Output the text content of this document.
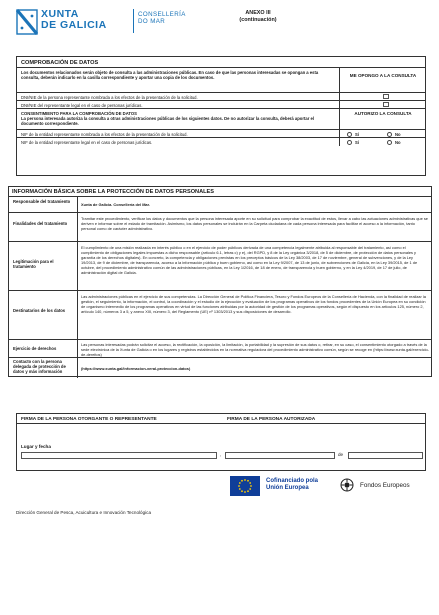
XUNTA
DE GALICIA
CONSELLERÍA
DO MAR
ANEXO III
(continuación)
COMPROBACIÓN DE DATOS
Los documentos relacionados serán objeto de consulta a las administraciones públicas. En caso de que las personas interesadas se opongan a esta consulta, deberán indicarlo en la casilla correspondiente y aportar una copia de los documentos.	ME OPONGO A LA CONSULTA
DNI/NIE de la persona representante nombrada a los efectos de la presentación de la solicitud.
DNI/NIE del representante legal en el caso de personas jurídicas.
CONSENTIMIENTO PARA LA COMPROBACIÓN DE DATOS
La persona interesada autoriza la consulta a otras administraciones públicas de los siguientes datos. De no autorizar la consulta, deberá aportar el documento correspondiente.
AUTORIZO LA CONSULTA
NIF de la entidad representante nombrada a los efectos de la presentación de la solicitud.	Sí	No
NIF de la entidad representante legal en el caso de personas jurídicas.	Sí	No
INFORMACIÓN BÁSICA SOBRE LA PROTECCIÓN DE DATOS PERSONALES
Responsable del tratamiento
Xunta de Galicia. Consellería del Mar.
Finalidades del tratamiento
Tramitar este procedimiento, verificar los datos y documentos que la persona interesada aporte en su solicitud para comprobar la exactitud de estos, llevar a cabo las actuaciones administrativas que se deriven e informar sobre el estado de tramitación. Asimismo, los datos personales se incluirán en la Carpeta ciudadana de cada persona interesada para facilitar el acceso a la información, tanto personal como de carácter administrativo.
Legitimación para el tratamiento
El cumplimiento de una misión realizada en interés público o en el ejercicio de poder públicos derivada de una competencia legalmente atribuida al responsable del tratamiento, así como el cumplimiento de obligaciones legales impuestas a dicho responsable (artículo 6.1, letras c) y e), del RGPD, y 8 de la Ley orgánica 3/2018, de 5 de diciembre, de protección de datos personales y garantía de los derechos digitales). En concreto, la competencia y obligaciones previstas en los preceptos básicos de la Ley 38/2003, de 17 de noviembre, general de subvenciones, y de la Ley 19/2013, de 9 de diciembre, de transparencia, acceso a la información pública y buen gobierno, así como en la Ley 9/2007, de 13 de junio, de subvenciones de Galicia, en la Ley 39/2015, de 1 de octubre, del procedimiento administrativo común de las administraciones públicas, en la Ley 1/2016, de 18 de enero, de transparencia y buen gobierno, y en la Ley 4/2019, de 17 de julio, de administración digital de Galicia.
Destinatarios de los datos
Las administraciones públicas en el ejercicio de sus competencias. La Dirección General de Política Financiera, Tesoro y Fondos Europeos de la Consellería de Hacienda, con la finalidad de realizar la gestión, el seguimiento, la información, el control, la coordinación y el estudio de la ejecución y evaluación de los programas operativos de los fondos procedentes de la Unión Europea en su condición de organismo intermedio de los programas operativos en virtud de las funciones atribuidas por la autoridad de gestión de los programas operativos, según el dispuesto en los artículos 125, número 2, artículo 140, números 3 a 5, y anexo XIII, número 3, del Reglamento (UE) nº 1303/2013 y sus disposiciones de desarrollo.
Ejercicio de derechos
Las personas interesadas podrán solicitar el acceso, la rectificación, la oposición, la limitación, la portabilidad y la supresión de sus datos o, retirar, en su caso, el consentimiento otorgado a través de la sede electrónica de la Xunta de Galicia o en los lugares y registros establecidos en la normativa reguladora del procedimiento administrativo común, según se recoge en (https://www.xunta.gal/exercicio-de-dereitos)
Contacto con la persona delegada de protección de datos y más información
(https://www.xunta.gal/informacion-xeral-proteccion-datos)
FIRMA DE LA PERSONA OTORGANTE O REPRESENTANTE	FIRMA DE LA PERSONA AUTORIZADA
Lugar y fecha
,	de
Cofinanciado pola
Unión Europea	Fondos Europeos
Dirección General de Pesca, Acuicultura e Innovación Tecnológica
